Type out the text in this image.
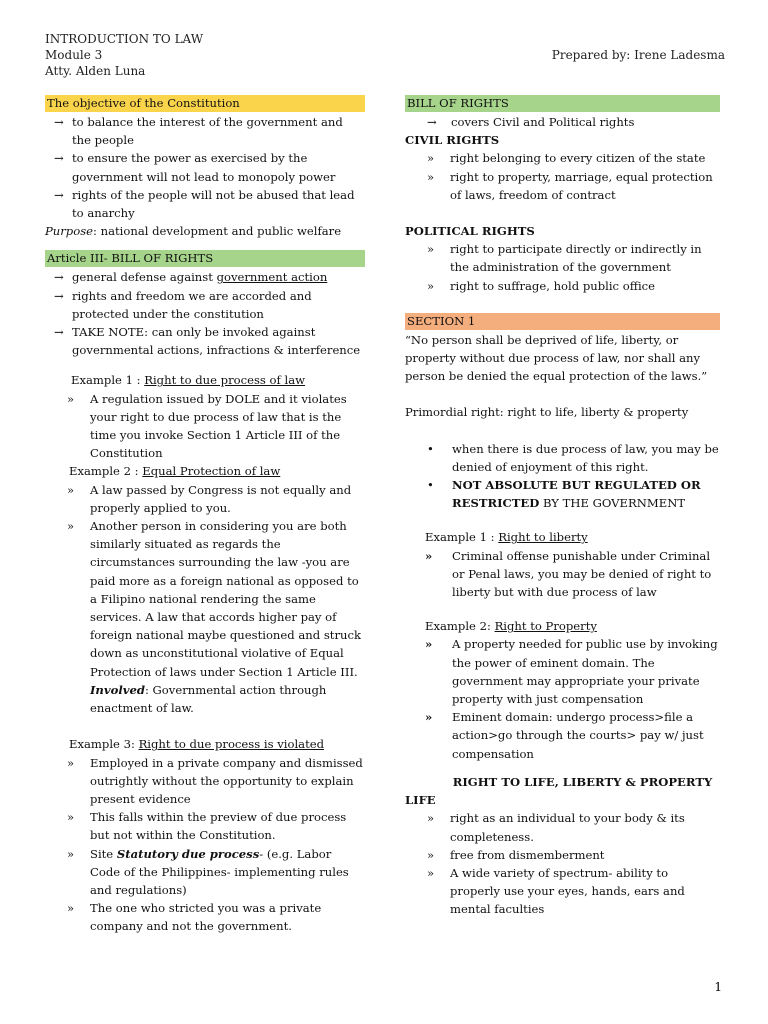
INTRODUCTION TO LAW
Module 3
Atty. Alden Luna
Prepared by: Irene Ladesma
The objective of the Constitution
→ to balance the interest of the government and the people
→ to ensure the power as exercised by the government will not lead to monopoly power
→ rights of the people will not be abused that lead to anarchy
Purpose: national development and public welfare
Article III- BILL OF RIGHTS
→ general defense against government action
→ rights and freedom we are accorded and protected under the constitution
→ TAKE NOTE: can only be invoked against governmental actions, infractions & interference
Example 1 : Right to due process of law
» A regulation issued by DOLE and it violates your right to due process of law that is the time you invoke Section 1 Article III of the Constitution
Example 2 : Equal Protection of law
» A law passed by Congress is not equally and properly applied to you.
» Another person in considering you are both similarly situated as regards the circumstances surrounding the law -you are paid more as a foreign national as opposed to a Filipino national rendering the same services. A law that accords higher pay of foreign national maybe questioned and struck down as unconstitutional violative of Equal Protection of laws under Section 1 Article III.
Involved: Governmental action through enactment of law.
Example 3: Right to due process is violated
» Employed in a private company and dismissed outrightly without the opportunity to explain present evidence
» This falls within the preview of due process but not within the Constitution.
» Site Statutory due process- (e.g. Labor Code of the Philippines- implementing rules and regulations)
» The one who stricted you was a private company and not the government.
BILL OF RIGHTS
→ covers Civil and Political rights
CIVIL RIGHTS
» right belonging to every citizen of the state
» right to property, marriage, equal protection of laws, freedom of contract
POLITICAL RIGHTS
» right to participate directly or indirectly in the administration of the government
» right to suffrage, hold public office
SECTION 1
“No person shall be deprived of life, liberty, or property without due process of law, nor shall any person be denied the equal protection of the laws.”
Primordial right: right to life, liberty & property
• when there is due process of law, you may be denied of enjoyment of this right.
• NOT ABSOLUTE BUT REGULATED OR RESTRICTED BY THE GOVERNMENT
Example 1 : Right to liberty
» Criminal offense punishable under Criminal or Penal laws, you may be denied of right to liberty but with due process of law
Example 2: Right to Property
» A property needed for public use by invoking the power of eminent domain. The government may appropriate your private property with just compensation
» Eminent domain: undergo process>file a action>go through the courts> pay w/ just compensation
RIGHT TO LIFE, LIBERTY & PROPERTY
LIFE
» right as an individual to your body & its completeness.
» free from dismemberment
» A wide variety of spectrum- ability to properly use your eyes, hands, ears and mental faculties
1
